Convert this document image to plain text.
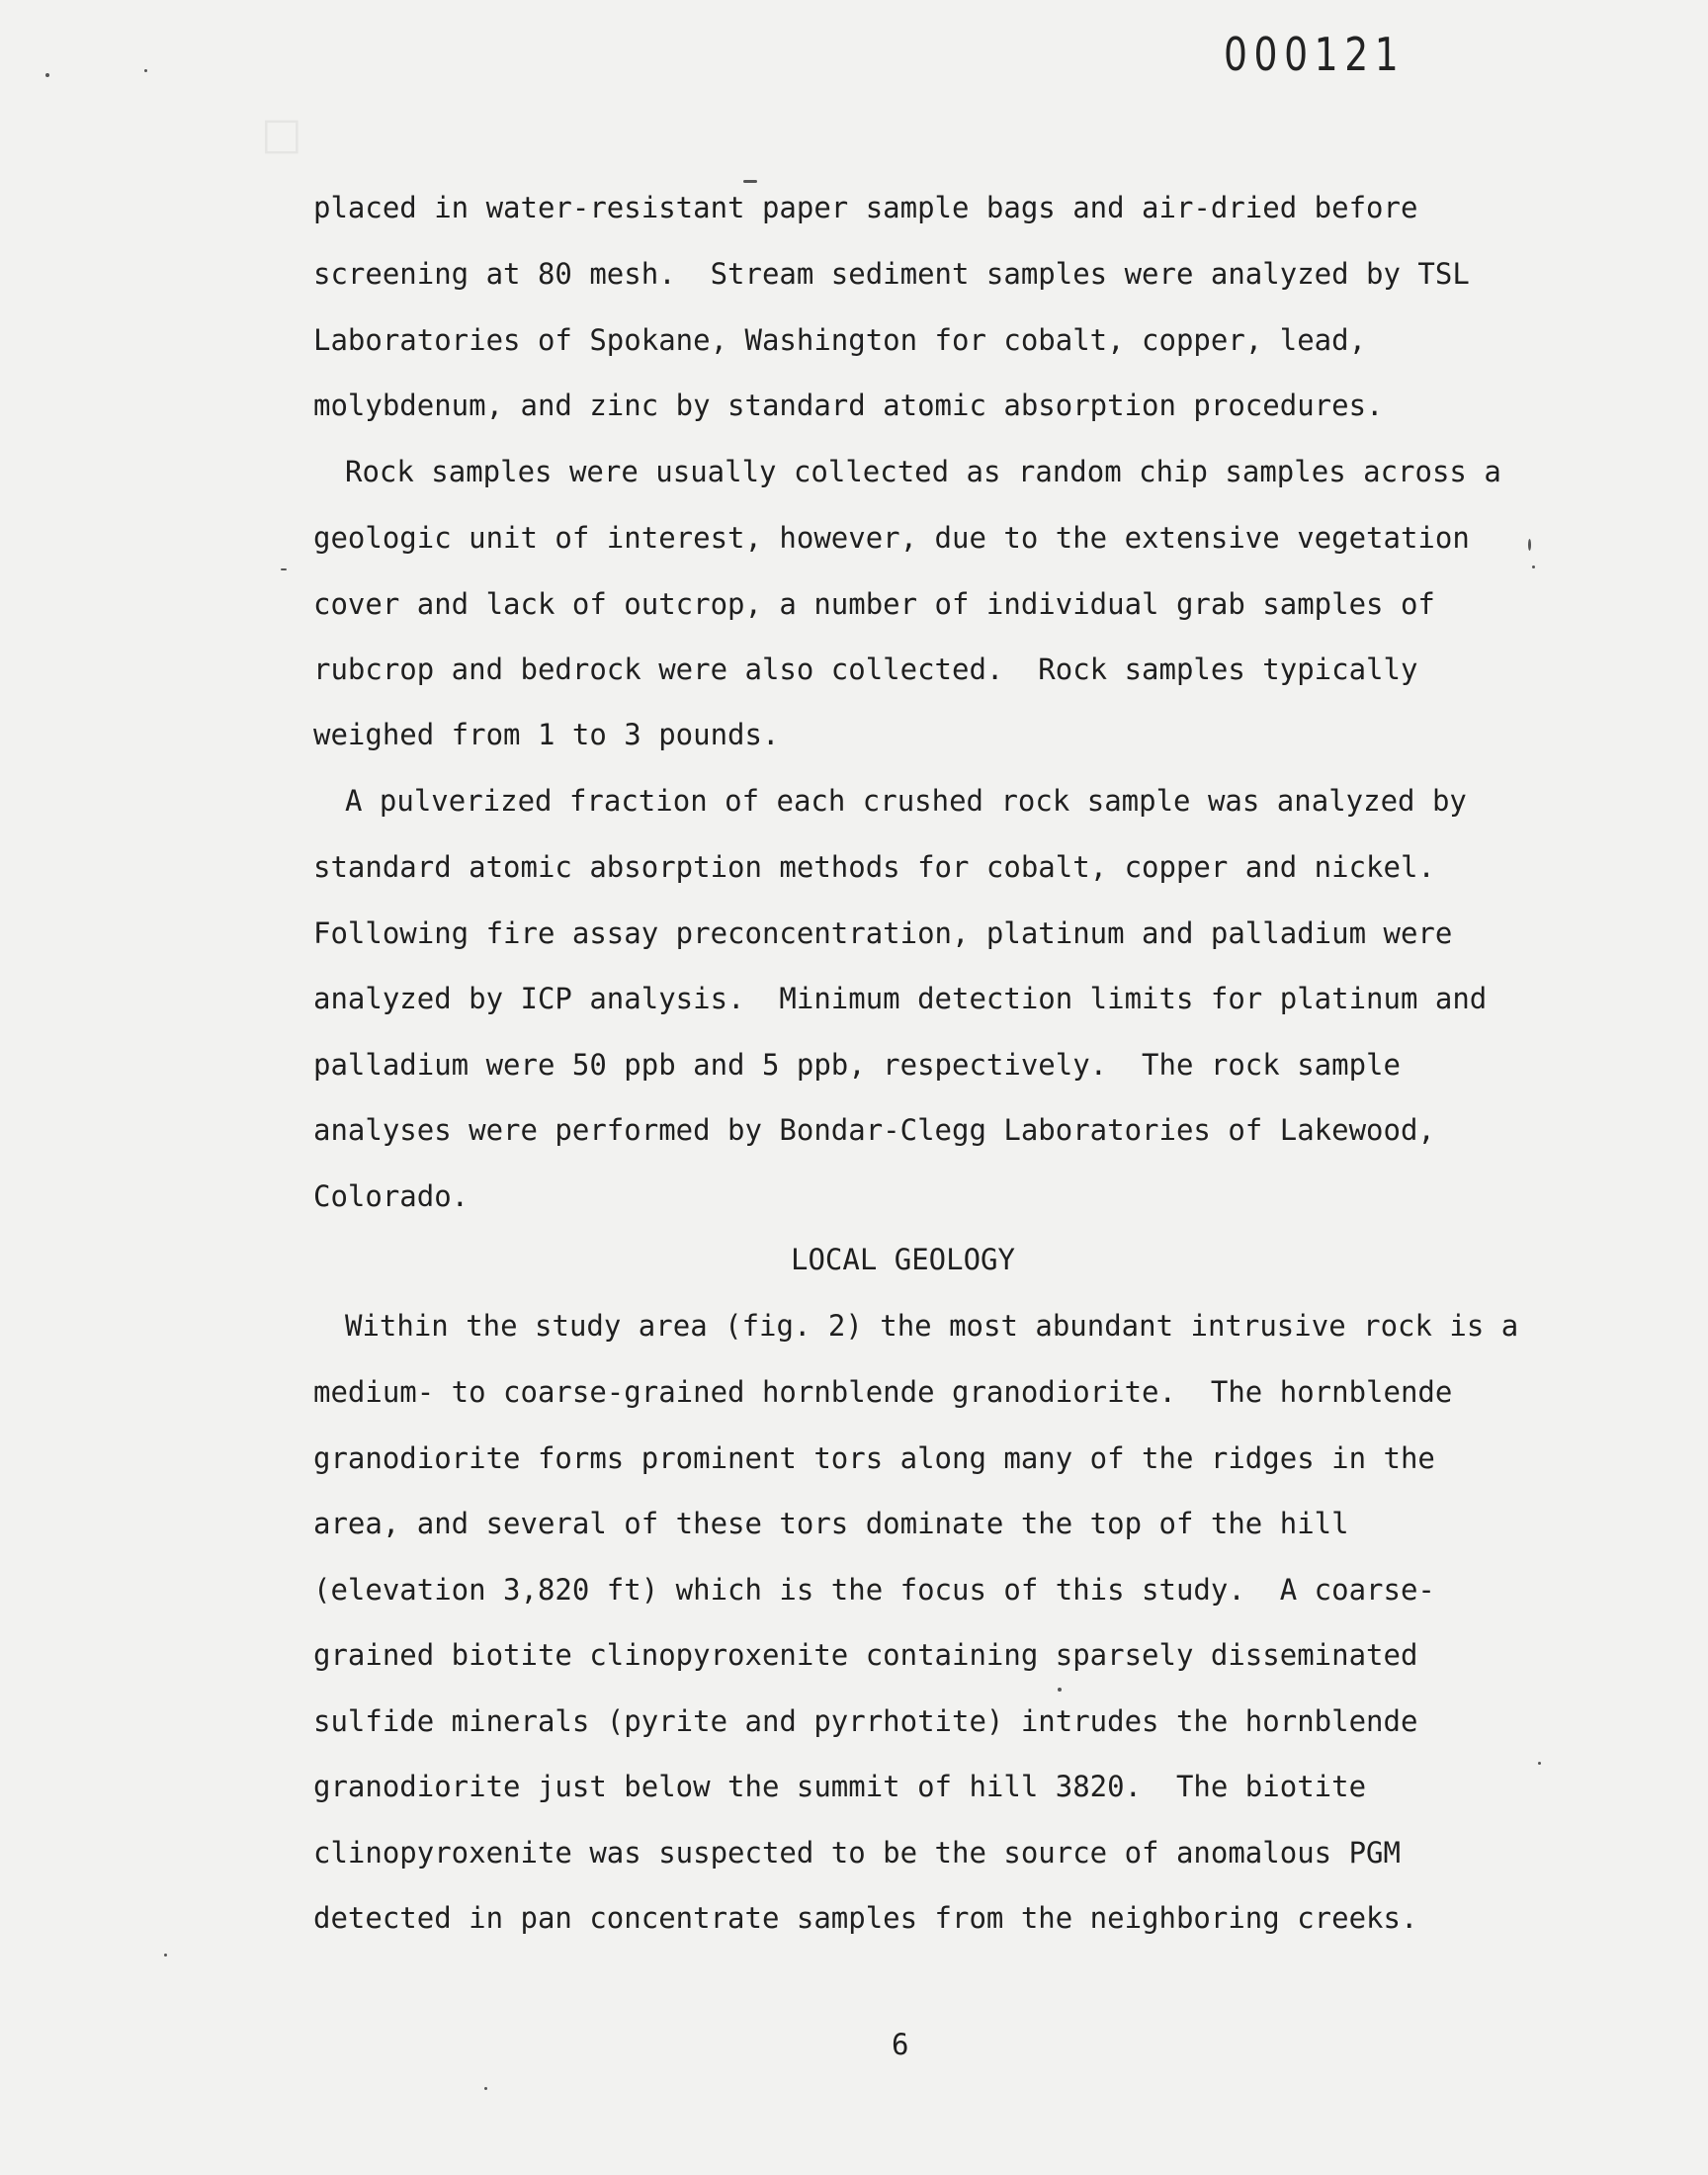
□
000121
placed in water-resistant paper sample bags and air-dried before
screening at 80 mesh.  Stream sediment samples were analyzed by TSL
Laboratories of Spokane, Washington for cobalt, copper, lead,
molybdenum, and zinc by standard atomic absorption procedures.
Rock samples were usually collected as random chip samples across a
geologic unit of interest, however, due to the extensive vegetation
cover and lack of outcrop, a number of individual grab samples of
rubcrop and bedrock were also collected.  Rock samples typically
weighed from 1 to 3 pounds.
A pulverized fraction of each crushed rock sample was analyzed by
standard atomic absorption methods for cobalt, copper and nickel.
Following fire assay preconcentration, platinum and palladium were
analyzed by ICP analysis.  Minimum detection limits for platinum and
palladium were 50 ppb and 5 ppb, respectively.  The rock sample
analyses were performed by Bondar-Clegg Laboratories of Lakewood,
Colorado.
LOCAL GEOLOGY
Within the study area (fig. 2) the most abundant intrusive rock is a
medium- to coarse-grained hornblende granodiorite.  The hornblende
granodiorite forms prominent tors along many of the ridges in the
area, and several of these tors dominate the top of the hill
(elevation 3,820 ft) which is the focus of this study.  A coarse-
grained biotite clinopyroxenite containing sparsely disseminated
sulfide minerals (pyrite and pyrrhotite) intrudes the hornblende
granodiorite just below the summit of hill 3820.  The biotite
clinopyroxenite was suspected to be the source of anomalous PGM
detected in pan concentrate samples from the neighboring creeks.
6
